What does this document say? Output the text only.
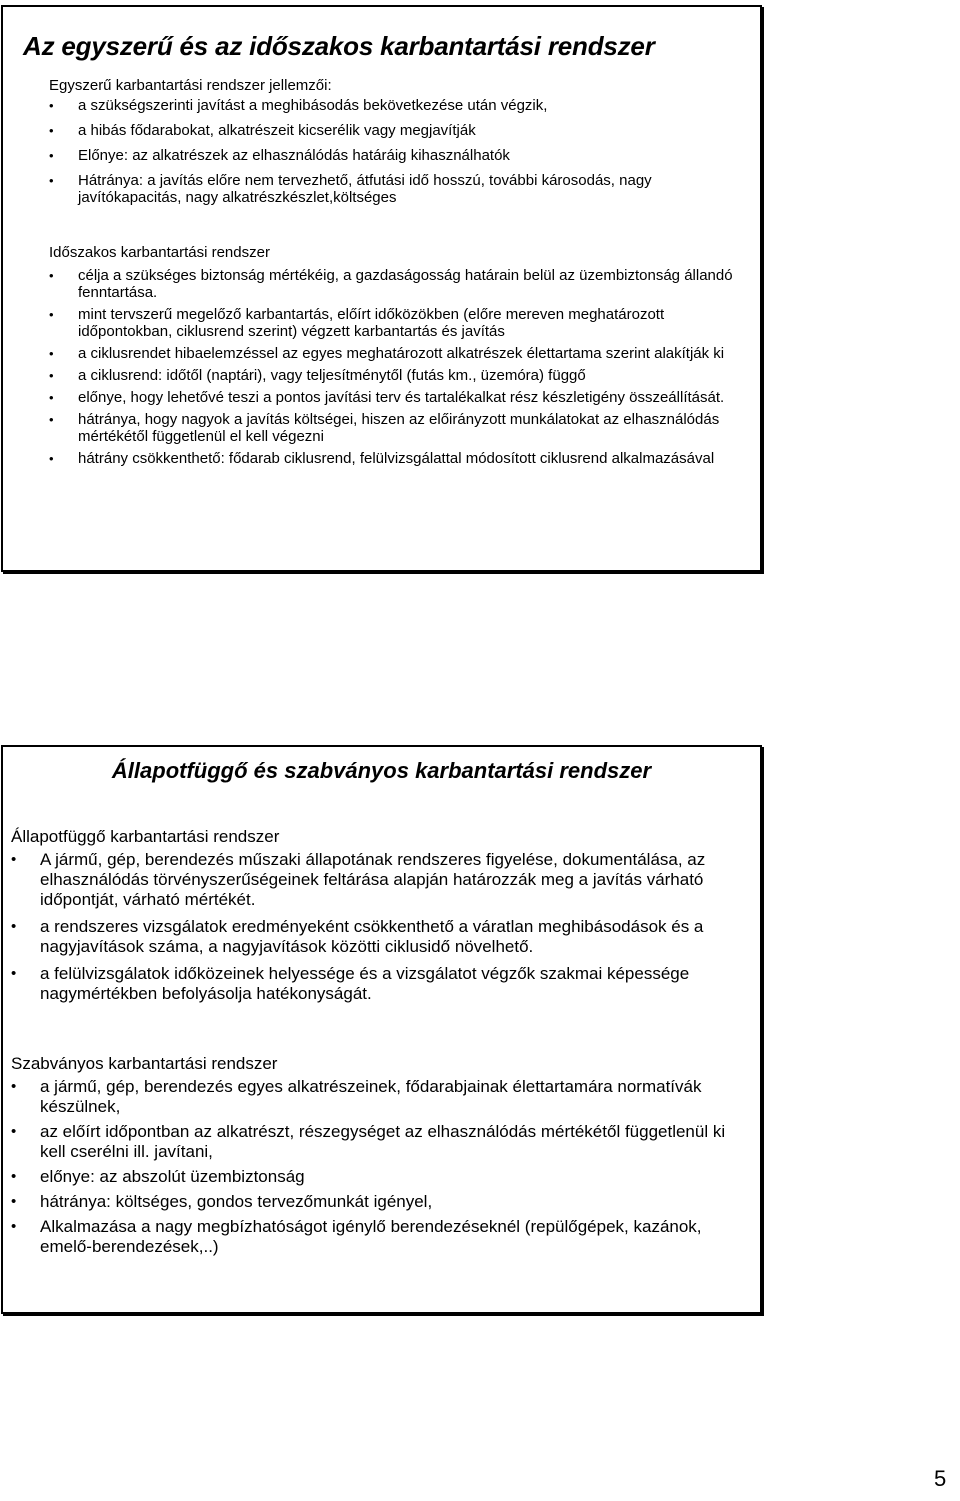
Az egyszerű és az időszakos karbantartási rendszer
Egyszerű karbantartási rendszer jellemzői:
• a szükségszerinti javítást a meghibásodás bekövetkezése után végzik,
• a hibás fődarabokat, alkatrészeit kicserélik vagy megjavítják
• Előnye: az alkatrészek az elhasználódás határáig kihasználhatók
• Hátránya: a javítás előre nem tervezhető, átfutási idő hosszú, további károsodás, nagy javítókapacitás, nagy alkatrészkészlet,költséges
Időszakos karbantartási rendszer
• célja a szükséges biztonság mértékéig, a gazdaságosság határain belül az üzembiztonság állandó fenntartása.
• mint tervszerű megelőző karbantartás, előírt időközökben (előre mereven meghatározott időpontokban, ciklusrend szerint) végzett karbantartás és javítás
• a ciklusrendet hibaelemzéssel az egyes meghatározott alkatrészek élettartama szerint alakítják ki
• a ciklusrend: időtől (naptári), vagy teljesítménytől (futás km., üzemóra) függő
• előnye, hogy lehetővé teszi a pontos javítási terv és tartalékalkat rész készletigény összeállítását.
• hátránya, hogy nagyok a javítás költségei, hiszen az előirányzott munkálatokat az elhasználódás mértékétől függetlenül el kell végezni
• hátrány csökkenthető: fődarab ciklusrend, felülvizsgálattal módosított ciklusrend alkalmazásával
Állapotfüggő és szabványos karbantartási rendszer
Állapotfüggő karbantartási rendszer
• A jármű, gép, berendezés műszaki állapotának rendszeres figyelése, dokumentálása, az elhasználódás törvényszerűségeinek feltárása alapján határozzák meg a javítás várható időpontját, várható mértékét.
• a rendszeres vizsgálatok eredményeként csökkenthető a váratlan meghibásodások és a nagyjavítások száma, a nagyjavítások közötti ciklusidő növelhető.
• a felülvizsgálatok időközeinek helyessége és a vizsgálatot végzők szakmai képessége nagymértékben befolyásolja hatékonyságát.
Szabványos karbantartási rendszer
• a jármű, gép, berendezés egyes alkatrészeinek, fődarabjainak élettartamára normatívák készülnek,
• az előírt időpontban az alkatrészt, részegységet az elhasználódás mértékétől függetlenül ki kell cserélni ill. javítani,
• előnye: az abszolút üzembiztonság
• hátránya: költséges, gondos tervezőmunkát igényel,
• Alkalmazása a nagy megbízhatóságot igénylő berendezéseknél (repülőgépek, kazánok, emelő-berendezések,..)
5
